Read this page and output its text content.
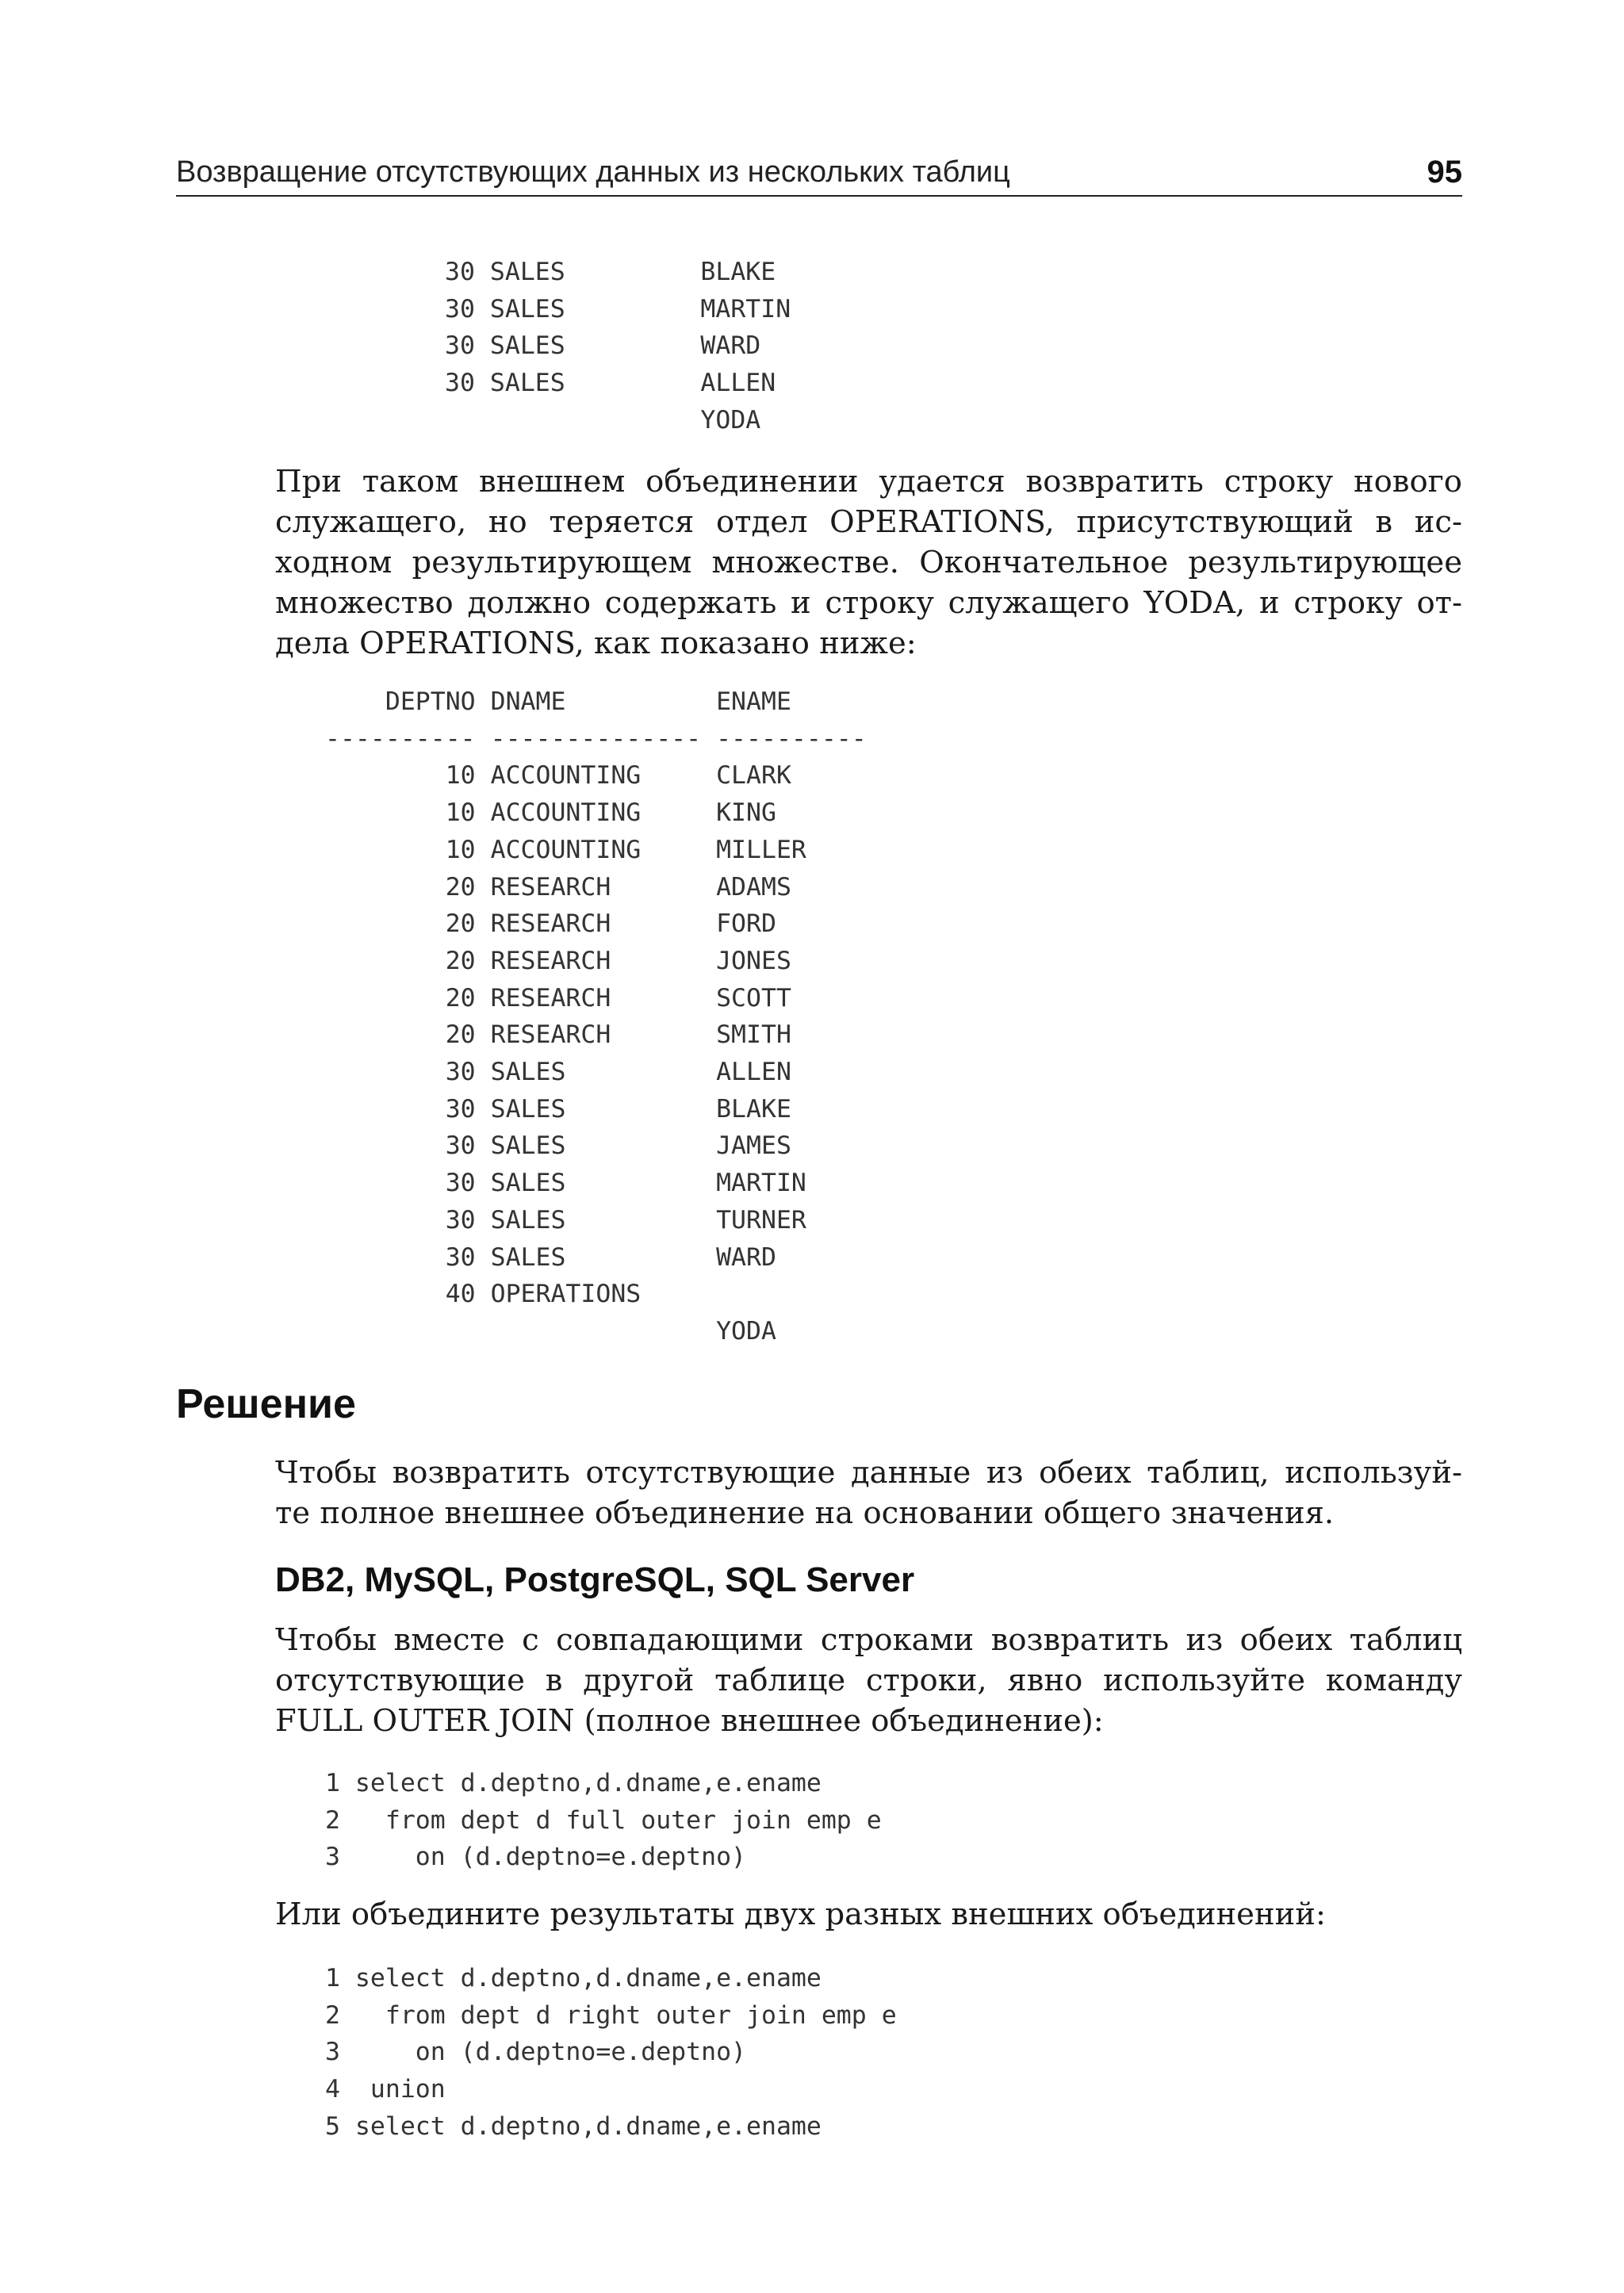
Возвращение отсутствующих данных из нескольких таблиц	95
30 SALES         BLAKE
30 SALES         MARTIN
30 SALES         WARD
30 SALES         ALLEN
YODA
При таком внешнем объединении удается возвратить строку нового
служащего, но теряется отдел OPERATIONS, присутствующий в ис-
ходном результирующем множестве. Окончательное результирующее
множество должно содержать и строку служащего YODA, и строку от-
дела OPERATIONS, как показано ниже:
DEPTNO DNAME          ENAME
---------- -------------- ----------
10 ACCOUNTING     CLARK
10 ACCOUNTING     KING
10 ACCOUNTING     MILLER
20 RESEARCH       ADAMS
20 RESEARCH       FORD
20 RESEARCH       JONES
20 RESEARCH       SCOTT
20 RESEARCH       SMITH
30 SALES          ALLEN
30 SALES          BLAKE
30 SALES          JAMES
30 SALES          MARTIN
30 SALES          TURNER
30 SALES          WARD
40 OPERATIONS
YODA
Решение
Чтобы возвратить отсутствующие данные из обеих таблиц, используй-
те полное внешнее объединение на основании общего значения.
DB2, MySQL, PostgreSQL, SQL Server
Чтобы вместе с совпадающими строками возвратить из обеих таблиц
отсутствующие в другой таблице строки, явно используйте команду
FULL OUTER JOIN (полное внешнее объединение):
1 select d.deptno,d.dname,e.ename
2   from dept d full outer join emp e
3     on (d.deptno=e.deptno)
Или объедините результаты двух разных внешних объединений:
1 select d.deptno,d.dname,e.ename
2   from dept d right outer join emp e
3     on (d.deptno=e.deptno)
4  union
5 select d.deptno,d.dname,e.ename
